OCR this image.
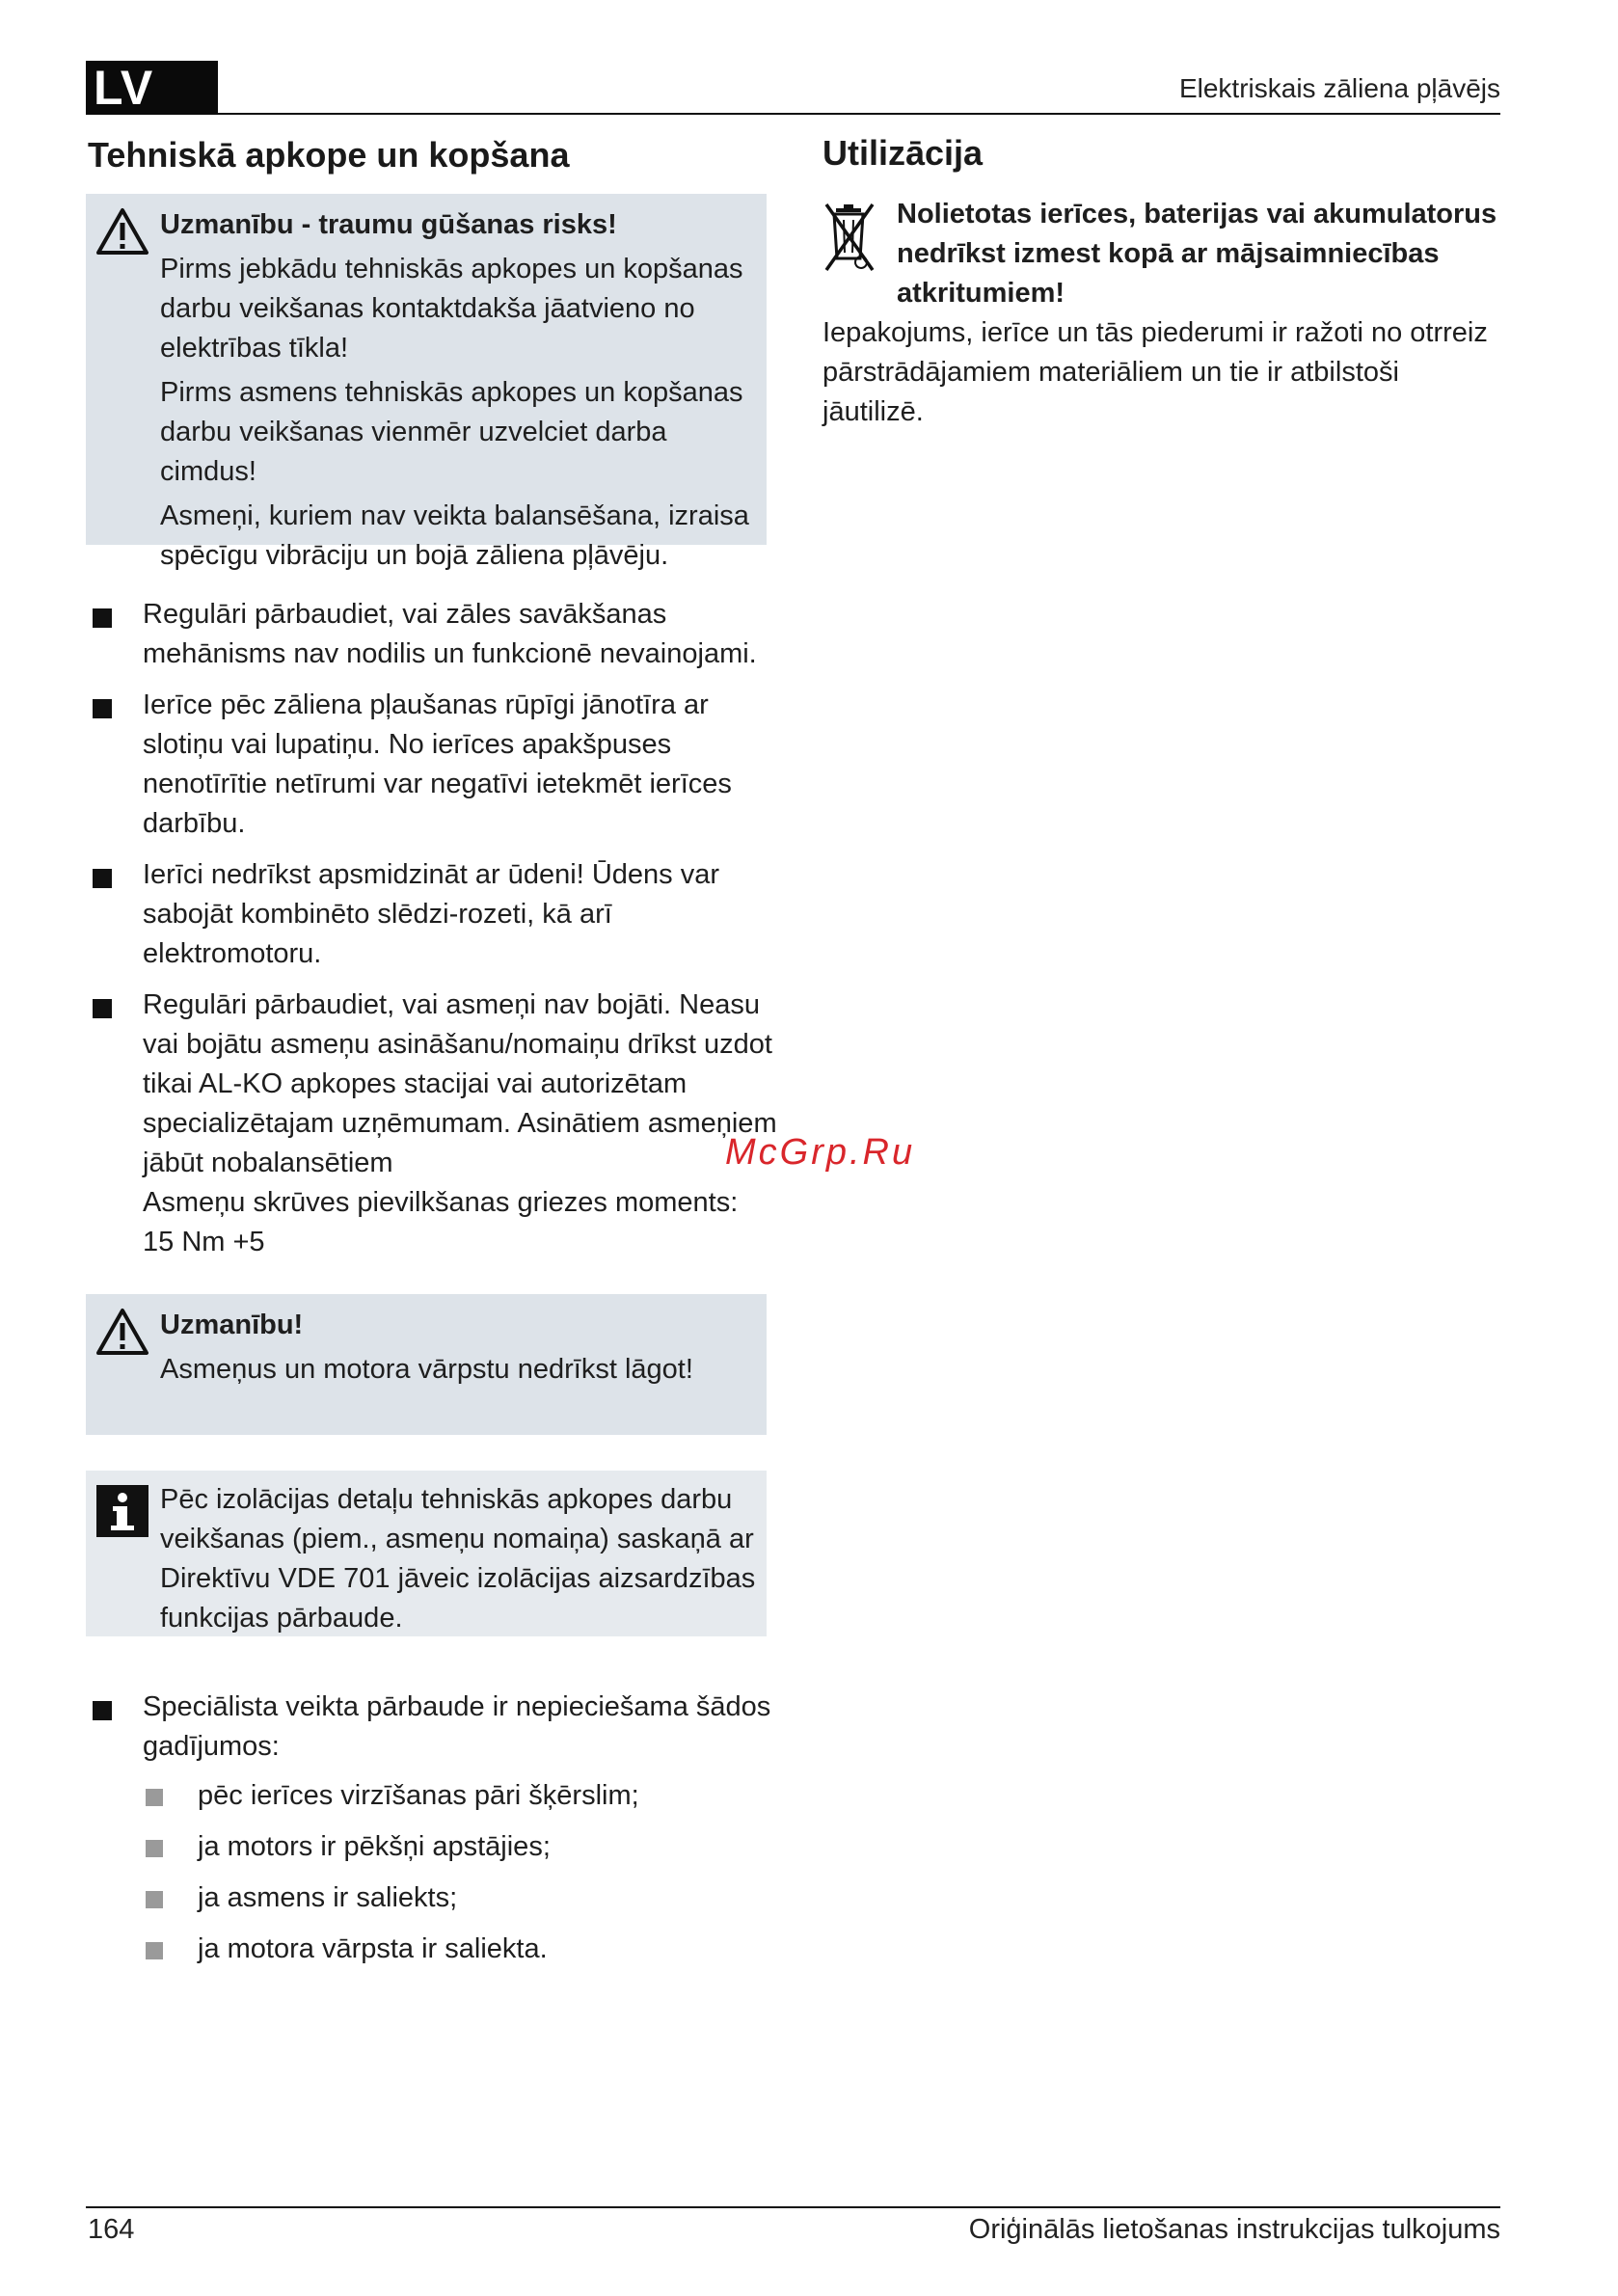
LV	Elektriskais zāliena pļāvējs
Tehniskā apkope un kopšana

Uzmanību - traumu gūšanas risks!

Pirms jebkādu tehniskās apkopes un kopšanas darbu veikšanas kontaktdakša jāatvieno no elektrības tīkla!

Pirms asmens tehniskās apkopes un kopšanas darbu veikšanas vienmēr uzvelciet darba cimdus!

Asmeņi, kuriem nav veikta balansēšana, izraisa spēcīgu vibrāciju un bojā zāliena pļāvēju.

Regulāri pārbaudiet, vai zāles savākšanas mehānisms nav nodilis un funkcionē nevainojami.
Ierīce pēc zāliena pļaušanas rūpīgi jānotīra ar slotiņu vai lupatiņu. No ierīces apakšpuses nenotīrītie netīrumi var negatīvi ietekmēt ierīces darbību.
Ierīci nedrīkst apsmidzināt ar ūdeni! Ūdens var sabojāt kombinēto slēdzi-rozeti, kā arī elektromotoru.
Regulāri pārbaudiet, vai asmeņi nav bojāti. Neasu vai bojātu asmeņu asināšanu/nomaiņu drīkst uzdot tikai AL-KO apkopes stacijai vai autorizētam specializētajam uzņēmumam. Asinātiem asmeņiem jābūt nobalansētiem
Asmeņu skrūves pievilkšanas griezes moments:
15 Nm +5

Uzmanību!

Asmeņus un motora vārpstu nedrīkst lāgot!

Pēc izolācijas detaļu tehniskās apkopes darbu veikšanas (piem., asmeņu nomaiņa) saskaņā ar Direktīvu VDE 701 jāveic izolācijas aizsardzības funkcijas pārbaude.

Speciālista veikta pārbaude ir nepieciešama šādos gadījumos:
pēc ierīces virzīšanas pāri šķērslim;
ja motors ir pēkšņi apstājies;
ja asmens ir saliekts;
ja motora vārpsta ir saliekta.
Utilizācija
Nolietotas ierīces, baterijas vai akumulatorus nedrīkst izmest kopā ar mājsaimniecības atkritumiem!

Iepakojums, ierīce un tās piederumi ir ražoti no otrreiz pārstrādājamiem materiāliem un tie ir atbilstoši jāutilizē.

McGrp.Ru
164	Oriģinālās lietošanas instrukcijas tulkojums
